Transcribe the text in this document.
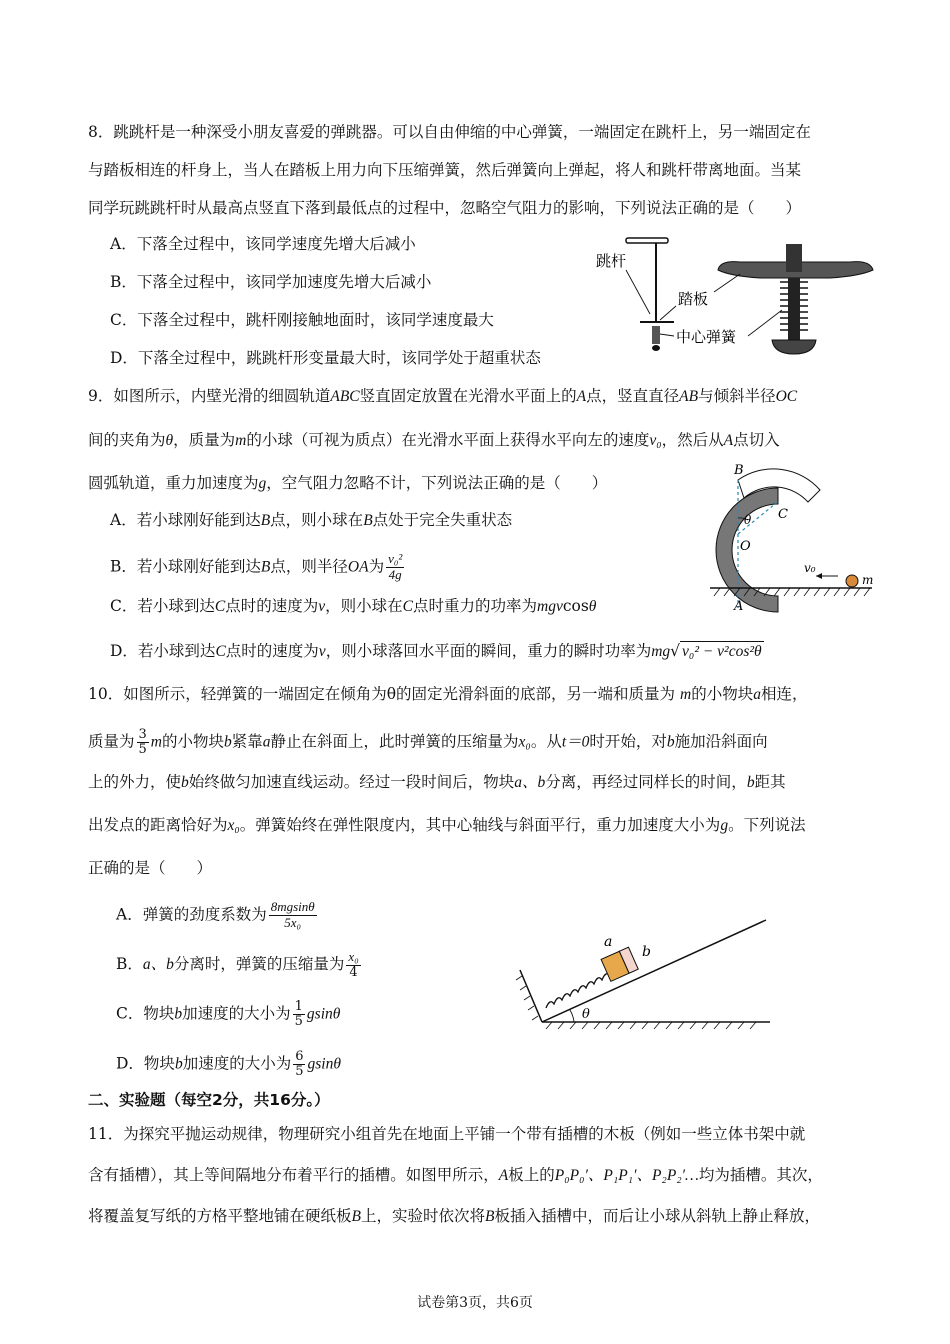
8．跳跳杆是一种深受小朋友喜爱的弹跳器。可以自由伸缩的中心弹簧，一端固定在跳杆上，另一端固定在
与踏板相连的杆身上，当人在踏板上用力向下压缩弹簧，然后弹簧向上弹起，将人和跳杆带离地面。当某
同学玩跳跳杆时从最高点竖直下落到最低点的过程中，忽略空气阻力的影响，下列说法正确的是（　　）
A．下落全过程中，该同学速度先增大后减小
B．下落全过程中，该同学加速度先增大后减小
C．下落全过程中，跳杆刚接触地面时，该同学速度最大
D．下落全过程中，跳跳杆形变量最大时，该同学处于超重状态
跳杆
踏板
中心弹簧
9．如图所示，内壁光滑的细圆轨道ABC竖直固定放置在光滑水平面上的A点，竖直直径AB与倾斜半径OC
间的夹角为θ，质量为m的小球（可视为质点）在光滑水平面上获得水平向左的速度v₀，然后从A点切入
圆弧轨道，重力加速度为g，空气阻力忽略不计，下列说法正确的是（　　）
A．若小球刚好能到达B点，则小球在B点处于完全失重状态
B．若小球刚好能到达B点，则半径OA为 $\frac{\text{v₀²}}{4g}$
C．若小球到达C点时的速度为v，则小球在C点时重力的功率为mgvcosθ
D．若小球到达C点时的速度为v，则小球落回水平面的瞬间，重力的瞬时功率为mg√ v₀² − v²cos²θ
B
C
O
A
θ
v₀
m
10．如图所示，轻弹簧的一端固定在倾角为θ的固定光滑斜面的底部，另一端和质量为 m的小物块a相连，
质量为 $\frac{3}{5}$ m的小物块b紧靠a静止在斜面上，此时弹簧的压缩量为x₀。从t＝0时开始，对b施加沿斜面向
上的外力，使b始终做匀加速直线运动。经过一段时间后，物块a、b分离，再经过同样长的时间，b距其
出发点的距离恰好为x₀。弹簧始终在弹性限度内，其中心轴线与斜面平行，重力加速度大小为g。下列说法
正确的是（　　）
A．弹簧的劲度系数为 $\frac{8mgsin\theta}{\text{5x₀}}$
B．a、b分离时，弹簧的压缩量为 $\frac{\text{x₀}}{4}$
C．物块b加速度的大小为 $\frac{1}{5}$ gsinθ
D．物块b加速度的大小为 $\frac{6}{5}$ gsinθ
θ
a
b
二、实验题（每空2分，共16分。）
11．为探究平抛运动规律，物理研究小组首先在地面上平铺一个带有插槽的木板（例如一些立体书架中就
含有插槽），其上等间隔地分布着平行的插槽。如图甲所示，A板上的P₀P₀′、P₁P₁′、P₂P₂′…均为插槽。其次，
将覆盖复写纸的方格平整地铺在硬纸板B上，实验时依次将B板插入插槽中，而后让小球从斜轨上静止释放，
试卷第3页，共6页
